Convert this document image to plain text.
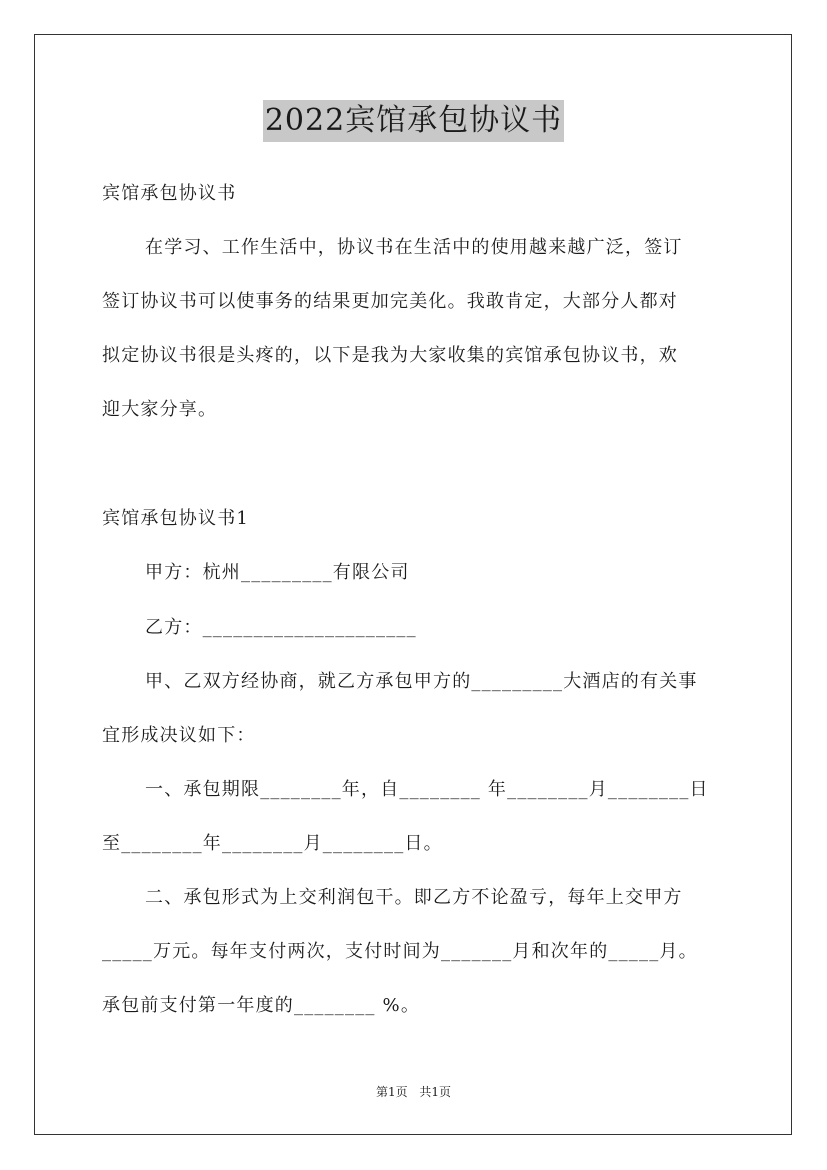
2022宾馆承包协议书
宾馆承包协议书
在学习、工作生活中，协议书在生活中的使用越来越广泛，签订
签订协议书可以使事务的结果更加完美化。我敢肯定，大部分人都对
拟定协议书很是头疼的，以下是我为大家收集的宾馆承包协议书，欢
迎大家分享。
宾馆承包协议书1
甲方：杭州_________有限公司
乙方：_____________________
甲、乙双方经协商，就乙方承包甲方的_________大酒店的有关事
宜形成决议如下：
一、承包期限________年，自________ 年________月________日
至________年________月________日。
二、承包形式为上交利润包干。即乙方不论盈亏，每年上交甲方
_____万元。每年支付两次，支付时间为_______月和次年的_____月。
承包前支付第一年度的________ %。
第1页 共1页
